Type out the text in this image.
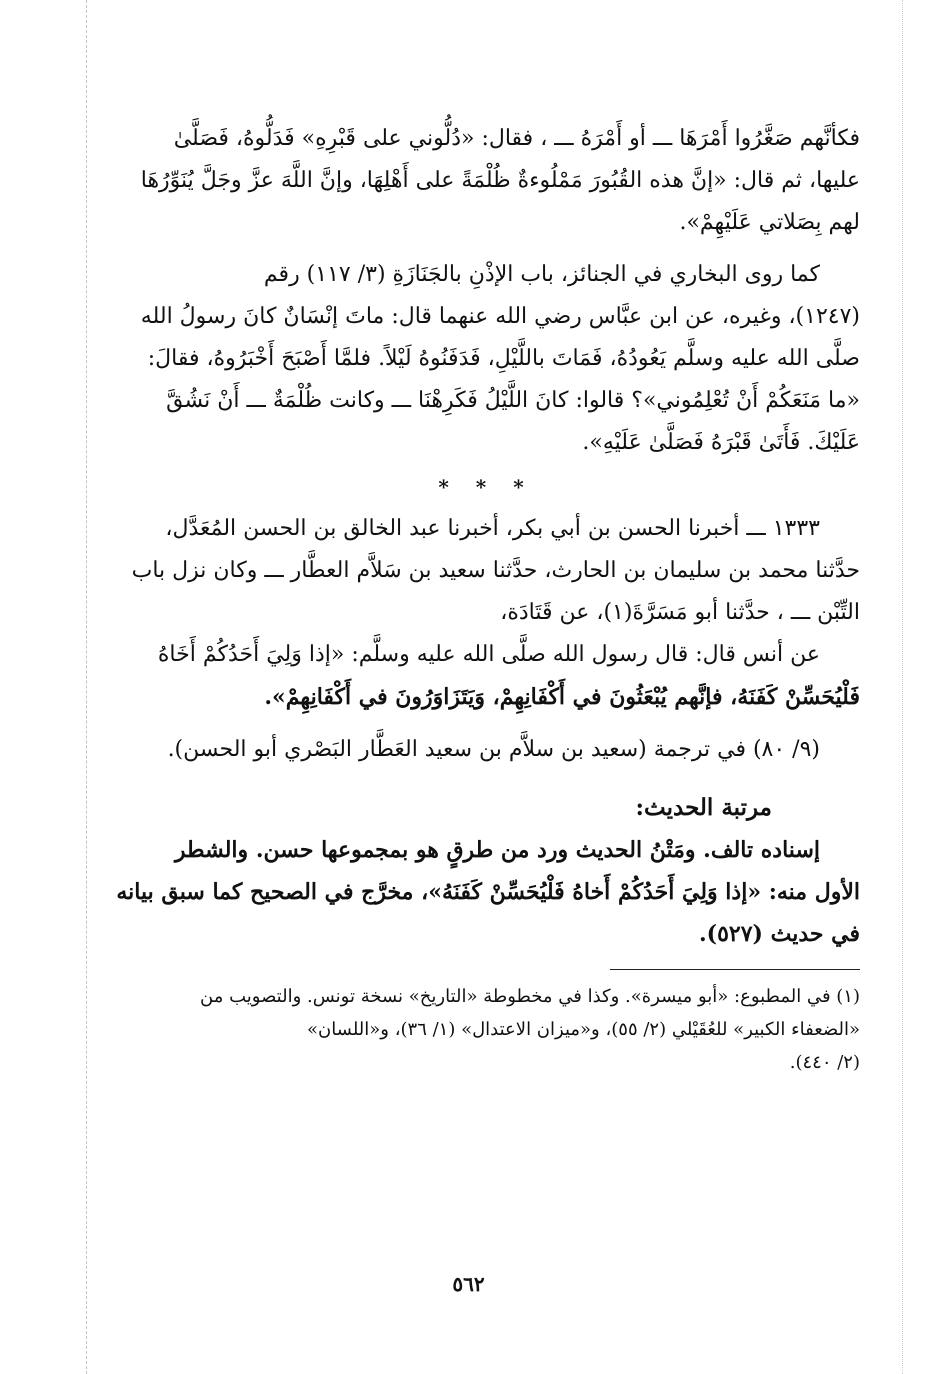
فكأنَّهم صَغَّرُوا أَمْرَهَا ـــ أو أَمْرَهُ ـــ ، فقال: «دُلُّوني على قَبْرِهِ» فَدَلُّوهُ، فَصَلَّىٰ
عليها، ثم قال: «إنَّ هذه القُبُورَ مَمْلُوءةٌ ظُلْمَةً على أَهْلِهَا، وإنَّ اللَّهَ عزَّ وجَلَّ يُنَوِّرُهَا
لهم بِصَلاتي عَلَيْهِمْ».

كما روى البخاري في الجنائز، باب الإذْنِ بالجَنَازَةِ (٣/ ١١٧) رقم
(١٢٤٧)، وغيره، عن ابن عبَّاس رضي الله عنهما قال: ماتَ إنْسَانٌ كانَ رسولُ الله
صلَّى الله عليه وسلَّم يَعُودُهُ، فَمَاتَ باللَّيْلِ، فَدَفَنُوهُ لَيْلاً. فلمَّا أَصْبَحَ أَخْبَرُوهُ، فقالَ:
«ما مَنَعَكُمْ أَنْ تُعْلِمُوني»؟ قالوا: كانَ اللَّيْلُ فَكَرِهْنَا ـــ وكانت ظُلْمَةٌ ـــ أَنْ نَشُقَّ
عَلَيْكَ. فَأَتَىٰ قَبْرَهُ فَصَلَّىٰ عَلَيْهِ».

* * *

١٣٣٣ ـــ أخبرنا الحسن بن أبي بكر، أخبرنا عبد الخالق بن الحسن المُعَدَّل،
حدَّثنا محمد بن سليمان بن الحارث، حدَّثنا سعيد بن سَلاَّم العطَّار ـــ وكان نزل باب
التِّبْن ـــ ، حدَّثنا أبو مَسَرَّةَ(١)، عن قَتَادَة،

عن أنس قال: قال رسول الله صلَّى الله عليه وسلَّم: «إذا وَلِيَ أَحَدُكُمْ أَخَاهُ
فَلْيُحَسِّنْ كَفَنَهُ، فإنَّهم يُبْعَثُونَ في أَكْفَانِهِمْ، وَيَتَزَاوَرُونَ في أَكْفَانِهِمْ».

(٩/ ٨٠) في ترجمة (سعيد بن سلاَّم بن سعيد العَطَّار البَصْري أبو الحسن).

مرتبة الحديث:

إسناده تالف. ومَتْنُ الحديث ورد من طرقٍ هو بمجموعها حسن. والشطر
الأول منه: «إذا وَلِيَ أَحَدُكُمْ أَخاهُ فَلْيُحَسِّنْ كَفَنَهُ»، مخرَّج في الصحيح كما سبق بيانه
في حديث (٥٢٧).

(١) في المطبوع: «أبو ميسرة». وكذا في مخطوطة «التاريخ» نسخة تونس. والتصويب من
«الضعفاء الكبير» للعُقَيْلي (٢/ ٥٥)، و«ميزان الاعتدال» (١/ ٣٦)، و«اللسان»
(٢/ ٤٤٠).

٥٦٢
